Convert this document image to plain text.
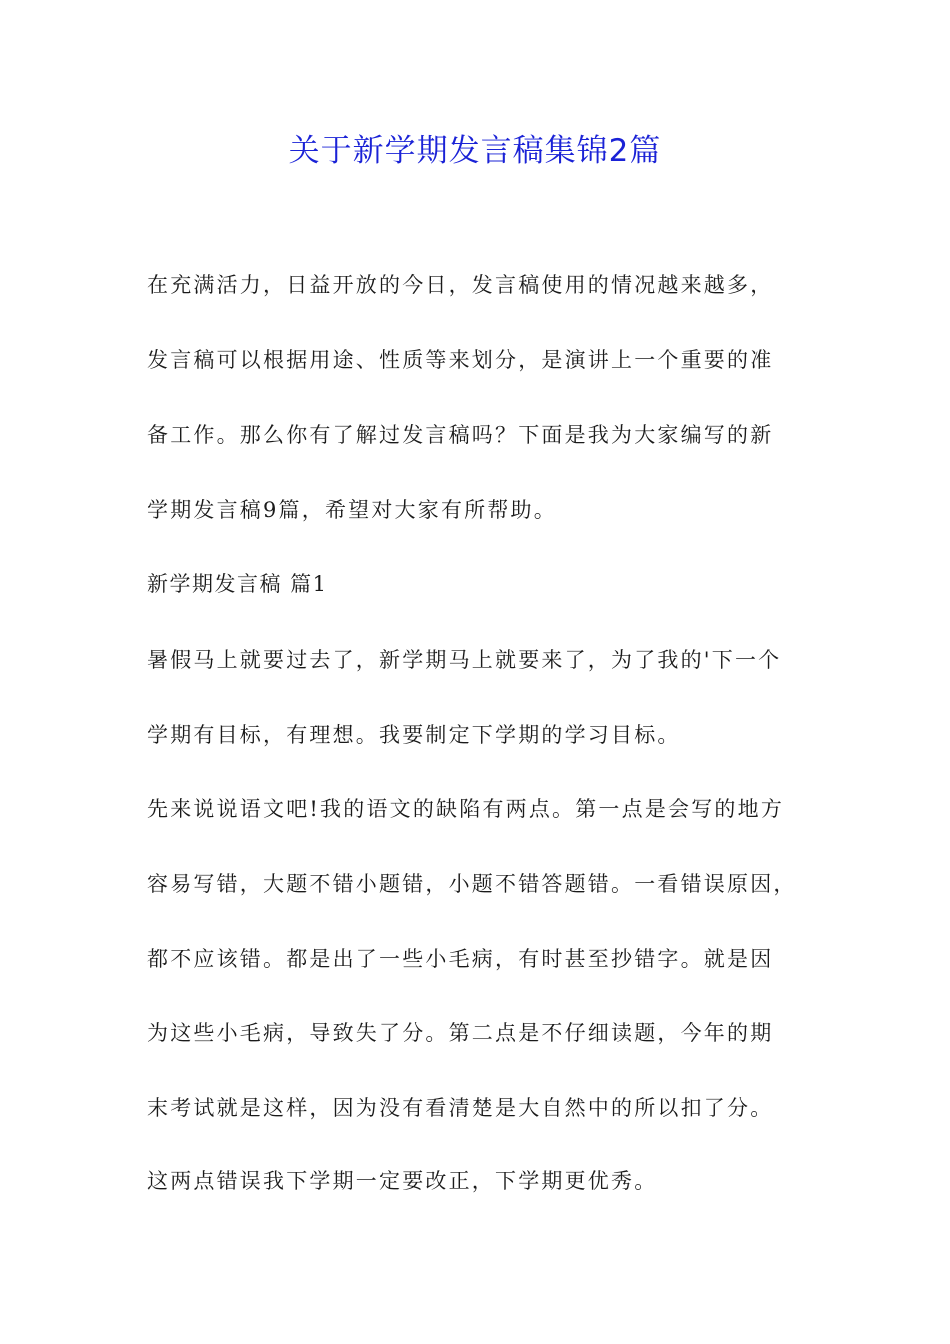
关于新学期发言稿集锦2篇

在充满活力，日益开放的今日，发言稿使用的情况越来越多，

发言稿可以根据用途、性质等来划分，是演讲上一个重要的准

备工作。那么你有了解过发言稿吗？下面是我为大家编写的新

学期发言稿9篇，希望对大家有所帮助。

新学期发言稿 篇1

暑假马上就要过去了，新学期马上就要来了，为了我的'下一个

学期有目标，有理想。我要制定下学期的学习目标。

先来说说语文吧!我的语文的缺陷有两点。第一点是会写的地方

容易写错，大题不错小题错，小题不错答题错。一看错误原因，

都不应该错。都是出了一些小毛病，有时甚至抄错字。就是因

为这些小毛病，导致失了分。第二点是不仔细读题，今年的期

末考试就是这样，因为没有看清楚是大自然中的所以扣了分。

这两点错误我下学期一定要改正，下学期更优秀。
